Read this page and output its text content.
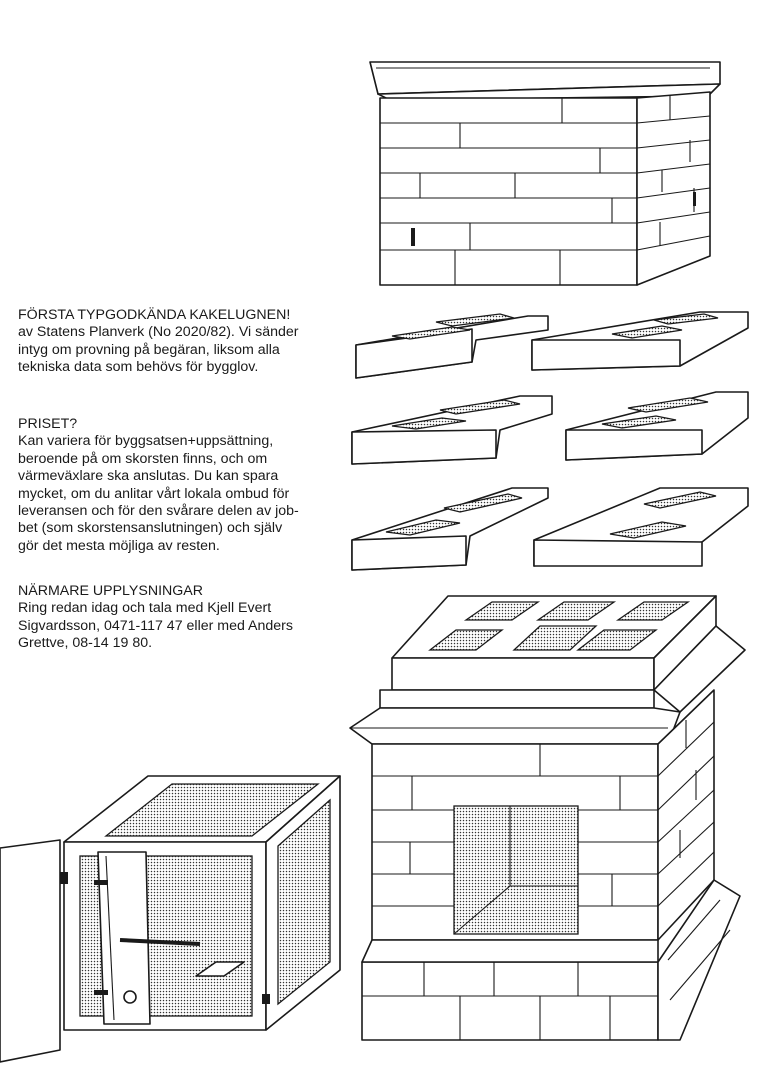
FÖRSTA TYPGODKÄNDA KAKELUGNEN!

av Statens Planverk (No 2020/82). Vi sänder

intyg om provning på begäran, liksom alla

tekniska data som behövs för bygglov.

PRISET?

Kan variera för byggsatsen+uppsättning,

beroende på om skorsten finns, och om

värmeväxlare ska anslutas. Du kan spara

mycket, om du anlitar vårt lokala ombud för

leveransen och för den svårare delen av job-

bet (som skorstensanslutningen) och själv

gör det mesta möjliga av resten.

NÄRMARE UPPLYSNINGAR

Ring redan idag och tala med Kjell Evert

Sigvardsson, 0471-117 47 eller med Anders

Grettve, 08-14 19 80.
